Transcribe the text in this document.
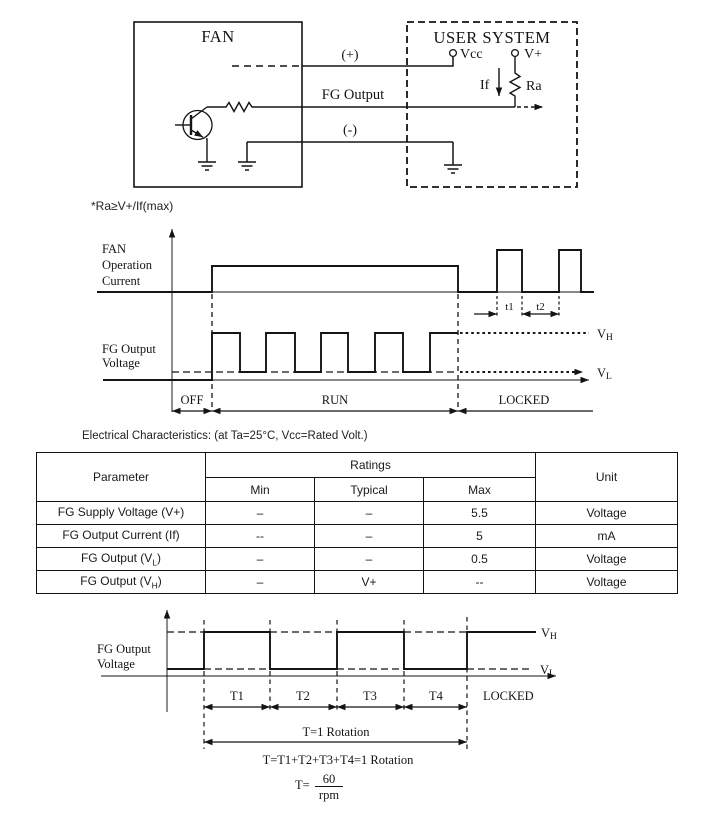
FAN	USER SYSTEM
Vcc	V+
(+)
FG Output
(-)
Ra
If
*Ra≥V+/If(max)
FAN
Operation
Current
t1 t2
FG Output
Voltage
VH
VL
OFF	RUN	LOCKED
Electrical Characteristics: (at Ta=25°C, Vcc=Rated Volt.)
Parameter	Ratings			Unit
	Min	Typical	Max	
FG Supply Voltage (V+)	–	–	5.5	Voltage
FG Output Current (If)	--	–	5	mA
FG Output $(V_L)$	–	–	0.5	Voltage
FG Output $(V_H)$	–	V+	--	Voltage
FG Output
Voltage
VH
VL
T1	T2	T3	T4	LOCKED
T=1 Rotation
T=T1+T2+T3+T4=1 Rotation
T= 60
rpm
